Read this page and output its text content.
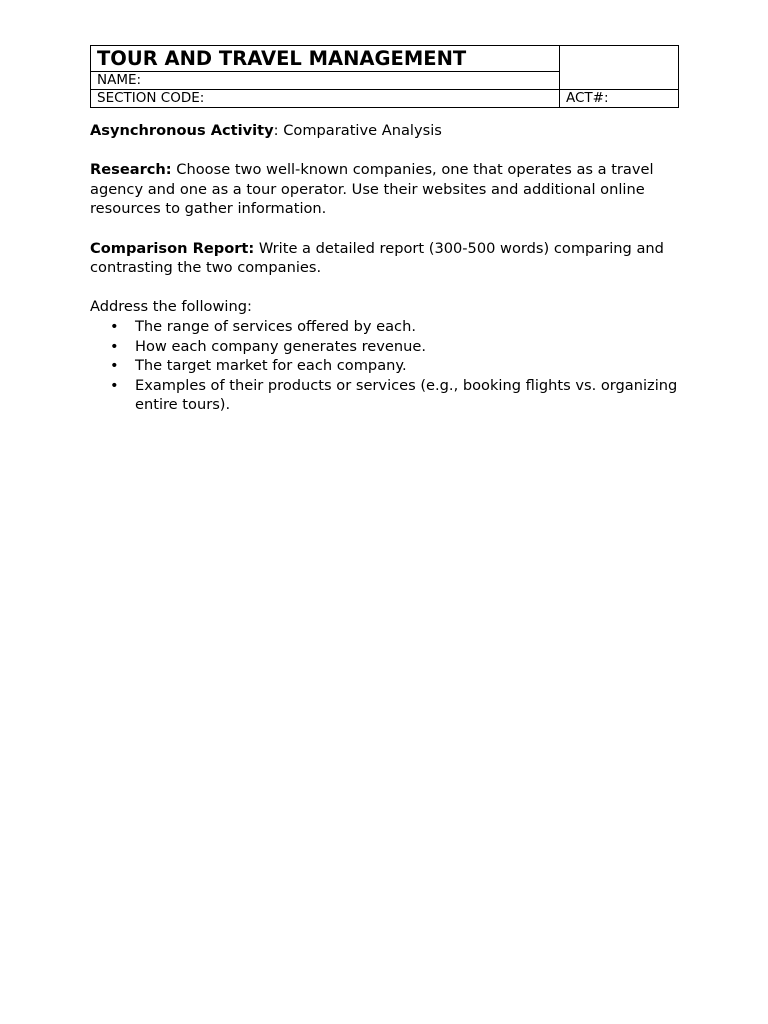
TOUR AND TRAVEL MANAGEMENT	
NAME:	
SECTION CODE:	ACT#:

Asynchronous Activity: Comparative Analysis

Research: Choose two well-known companies, one that operates as a travel agency and one as a tour operator. Use their websites and additional online resources to gather information.

Comparison Report: Write a detailed report (300-500 words) comparing and contrasting the two companies.

Address the following:

• The range of services offered by each.
• How each company generates revenue.
• The target market for each company.
• Examples of their products or services (e.g., booking flights vs. organizing entire tours).
